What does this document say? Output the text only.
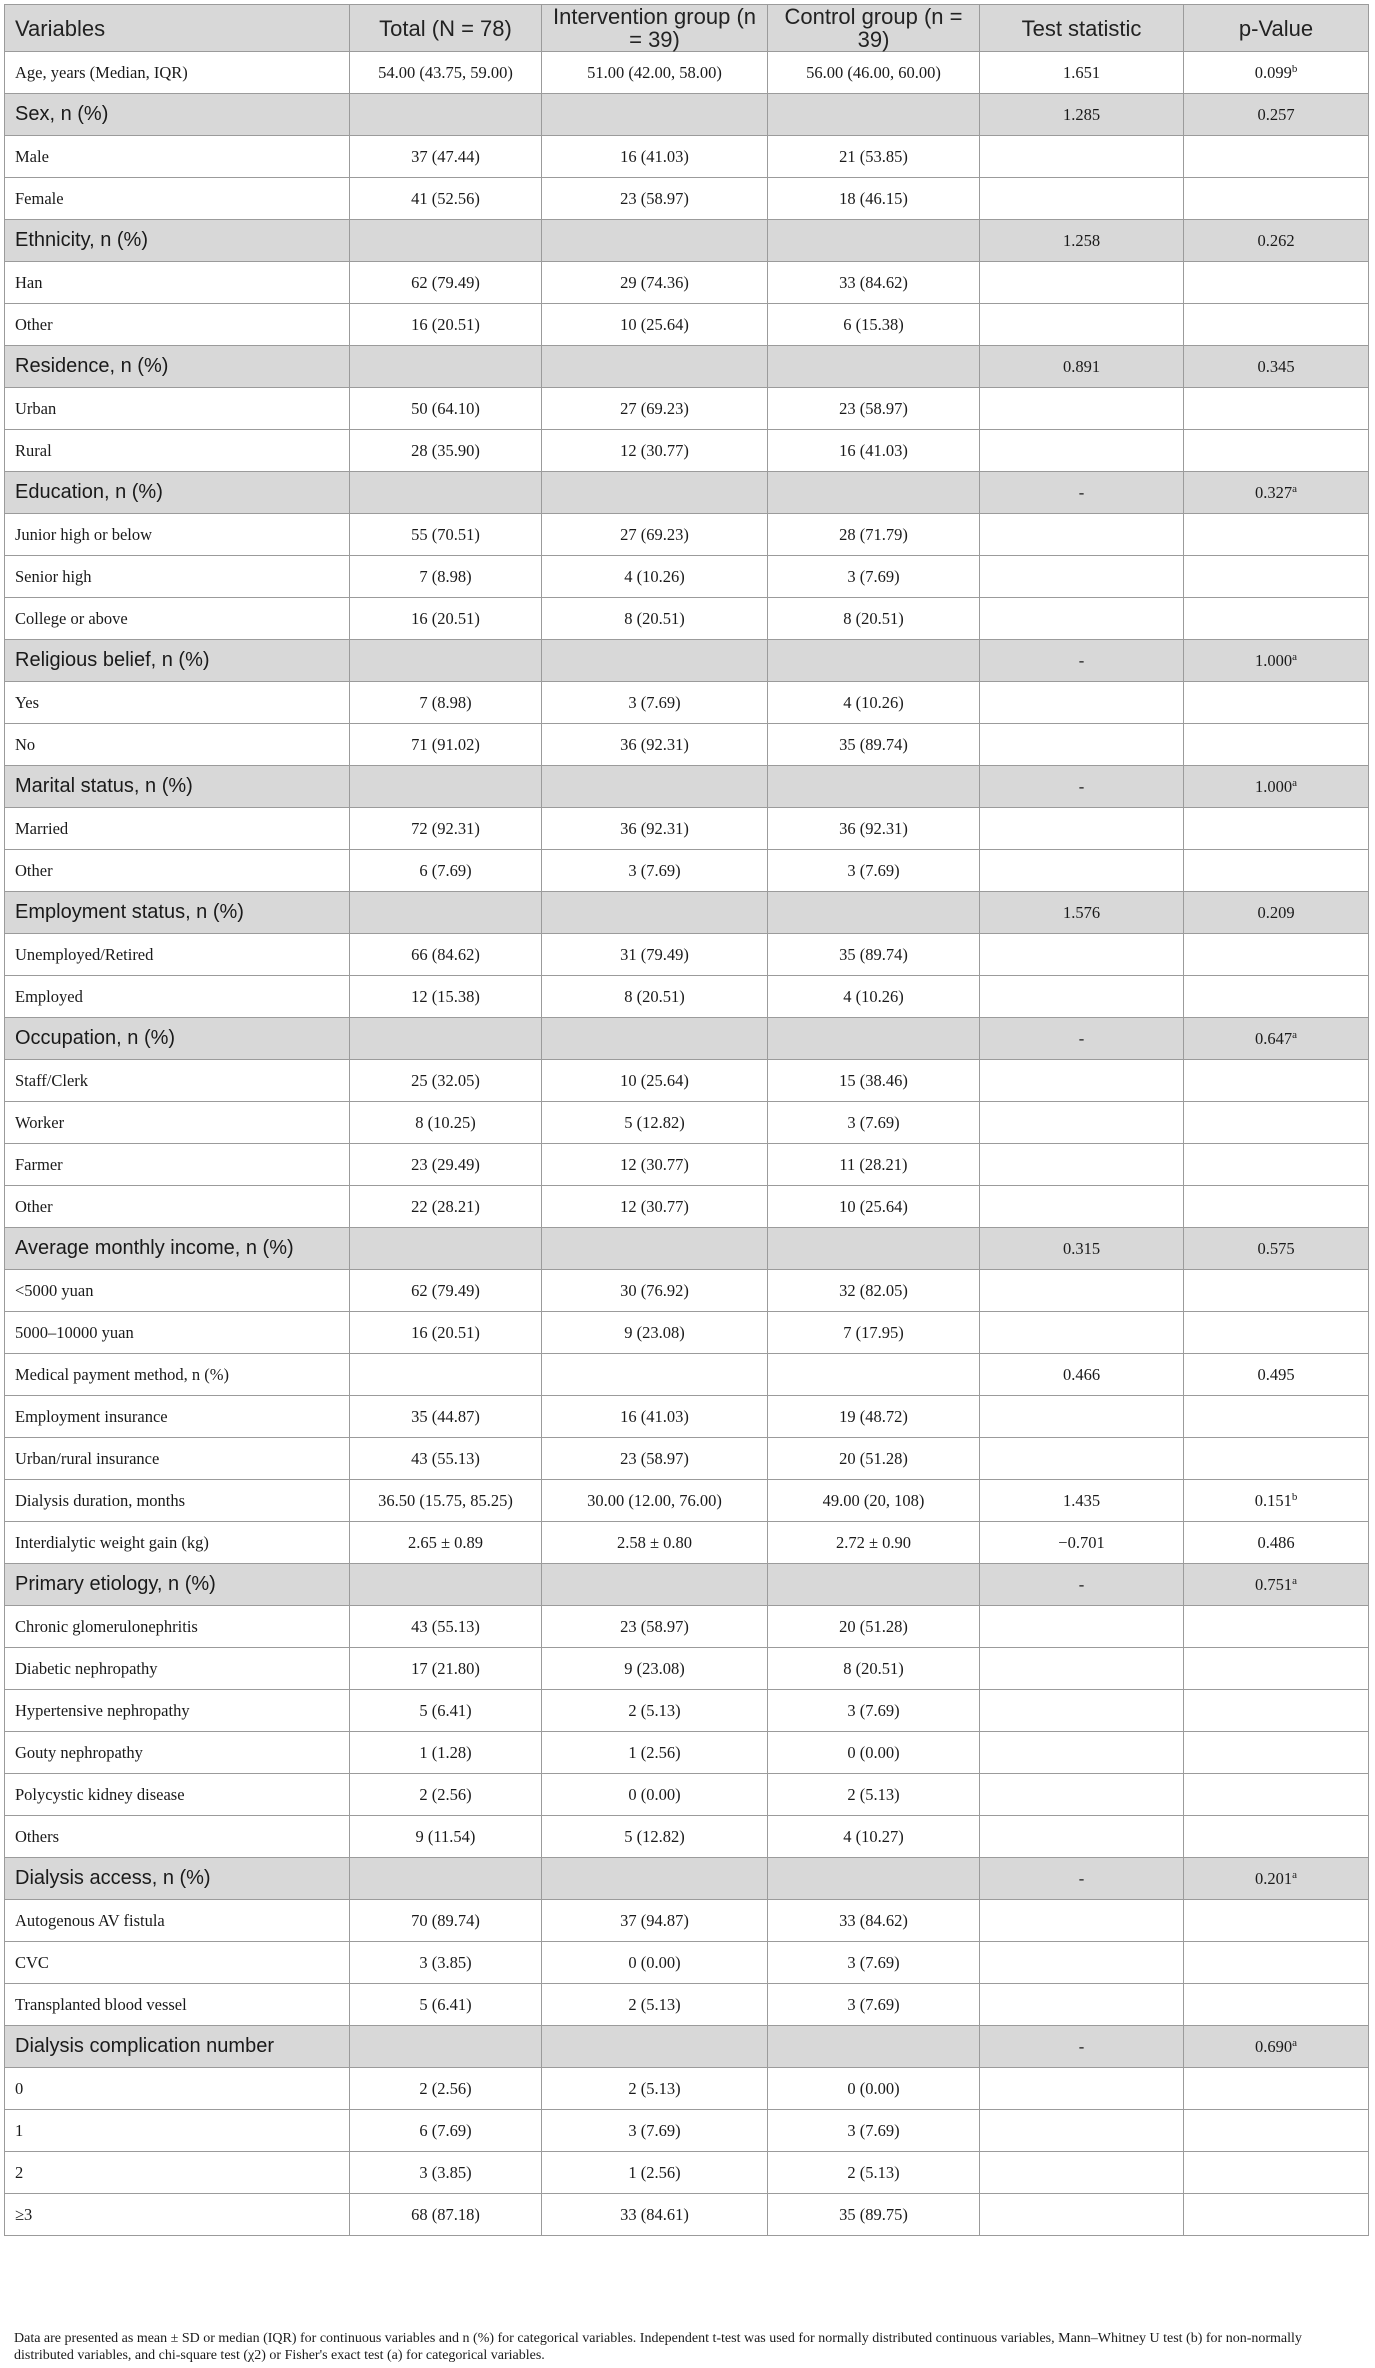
Variables	Total (N = 78)	Intervention group (n = 39)	Control group (n = 39)	Test statistic	p-Value
Age, years (Median, IQR)	54.00 (43.75, 59.00)	51.00 (42.00, 58.00)	56.00 (46.00, 60.00)	1.651	0.099$^b$
Sex, n (%)				1.285	0.257
Male	37 (47.44)	16 (41.03)	21 (53.85)		
Female	41 (52.56)	23 (58.97)	18 (46.15)		
Ethnicity, n (%)				1.258	0.262
Han	62 (79.49)	29 (74.36)	33 (84.62)		
Other	16 (20.51)	10 (25.64)	6 (15.38)		
Residence, n (%)				0.891	0.345
Urban	50 (64.10)	27 (69.23)	23 (58.97)		
Rural	28 (35.90)	12 (30.77)	16 (41.03)		
Education, n (%)				-	0.327$^a$
Junior high or below	55 (70.51)	27 (69.23)	28 (71.79)		
Senior high	7 (8.98)	4 (10.26)	3 (7.69)		
College or above	16 (20.51)	8 (20.51)	8 (20.51)		
Religious belief, n (%)				-	1.000$^a$
Yes	7 (8.98)	3 (7.69)	4 (10.26)		
No	71 (91.02)	36 (92.31)	35 (89.74)		
Marital status, n (%)				-	1.000$^a$
Married	72 (92.31)	36 (92.31)	36 (92.31)		
Other	6 (7.69)	3 (7.69)	3 (7.69)		
Employment status, n (%)				1.576	0.209
Unemployed/Retired	66 (84.62)	31 (79.49)	35 (89.74)		
Employed	12 (15.38)	8 (20.51)	4 (10.26)		
Occupation, n (%)				-	0.647$^a$
Staff/Clerk	25 (32.05)	10 (25.64)	15 (38.46)		
Worker	8 (10.25)	5 (12.82)	3 (7.69)		
Farmer	23 (29.49)	12 (30.77)	11 (28.21)		
Other	22 (28.21)	12 (30.77)	10 (25.64)		
Average monthly income, n (%)				0.315	0.575
<5000 yuan	62 (79.49)	30 (76.92)	32 (82.05)		
5000–10000 yuan	16 (20.51)	9 (23.08)	7 (17.95)		
Medical payment method, n (%)				0.466	0.495
Employment insurance	35 (44.87)	16 (41.03)	19 (48.72)		
Urban/rural insurance	43 (55.13)	23 (58.97)	20 (51.28)		
Dialysis duration, months	36.50 (15.75, 85.25)	30.00 (12.00, 76.00)	49.00 (20, 108)	1.435	0.151$^b$
Interdialytic weight gain (kg)	2.65 ± 0.89	2.58 ± 0.80	2.72 ± 0.90	−0.701	0.486
Primary etiology, n (%)				-	0.751$^a$
Chronic glomerulonephritis	43 (55.13)	23 (58.97)	20 (51.28)		
Diabetic nephropathy	17 (21.80)	9 (23.08)	8 (20.51)		
Hypertensive nephropathy	5 (6.41)	2 (5.13)	3 (7.69)		
Gouty nephropathy	1 (1.28)	1 (2.56)	0 (0.00)		
Polycystic kidney disease	2 (2.56)	0 (0.00)	2 (5.13)		
Others	9 (11.54)	5 (12.82)	4 (10.27)		
Dialysis access, n (%)				-	0.201$^a$
Autogenous AV fistula	70 (89.74)	37 (94.87)	33 (84.62)		
CVC	3 (3.85)	0 (0.00)	3 (7.69)		
Transplanted blood vessel	5 (6.41)	2 (5.13)	3 (7.69)		
Dialysis complication number				-	0.690$^a$
0	2 (2.56)	2 (5.13)	0 (0.00)		
1	6 (7.69)	3 (7.69)	3 (7.69)		
2	3 (3.85)	1 (2.56)	2 (5.13)		
≥3	68 (87.18)	33 (84.61)	35 (89.75)		
Data are presented as mean ± SD or median (IQR) for continuous variables and n (%) for categorical variables. Independent t-test was used for normally distributed continuous variables, Mann–Whitney U test (b) for non-normally distributed variables, and chi-square test (χ2) or Fisher's exact test (a) for categorical variables.
